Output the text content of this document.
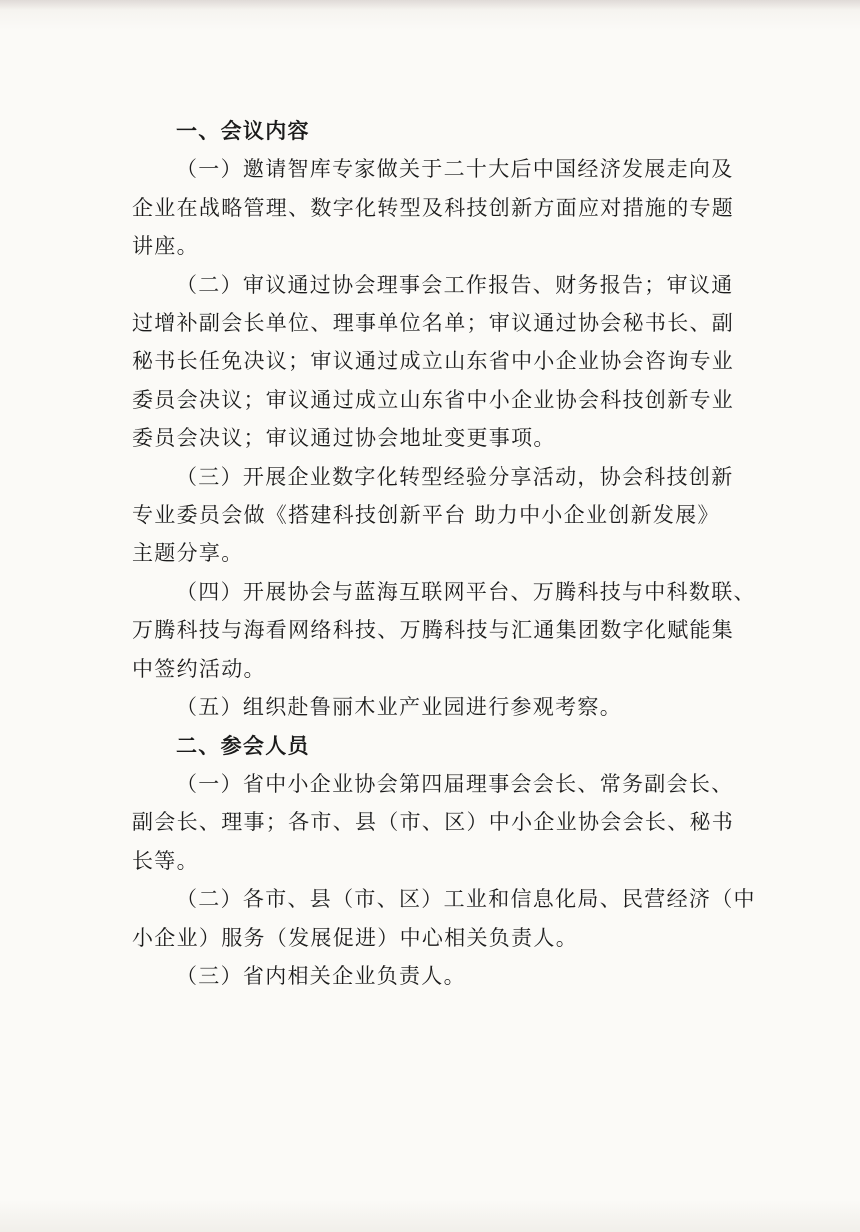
一、会议内容
（一）邀请智库专家做关于二十大后中国经济发展走向及
企业在战略管理、数字化转型及科技创新方面应对措施的专题
讲座。
（二）审议通过协会理事会工作报告、财务报告；审议通
过增补副会长单位、理事单位名单；审议通过协会秘书长、副
秘书长任免决议；审议通过成立山东省中小企业协会咨询专业
委员会决议；审议通过成立山东省中小企业协会科技创新专业
委员会决议；审议通过协会地址变更事项。
（三）开展企业数字化转型经验分享活动，协会科技创新
专业委员会做《搭建科技创新平台 助力中小企业创新发展》
主题分享。
（四）开展协会与蓝海互联网平台、万腾科技与中科数联、
万腾科技与海看网络科技、万腾科技与汇通集团数字化赋能集
中签约活动。
（五）组织赴鲁丽木业产业园进行参观考察。
二、参会人员
（一）省中小企业协会第四届理事会会长、常务副会长、
副会长、理事；各市、县（市、区）中小企业协会会长、秘书
长等。
（二）各市、县（市、区）工业和信息化局、民营经济（中
小企业）服务（发展促进）中心相关负责人。
（三）省内相关企业负责人。
